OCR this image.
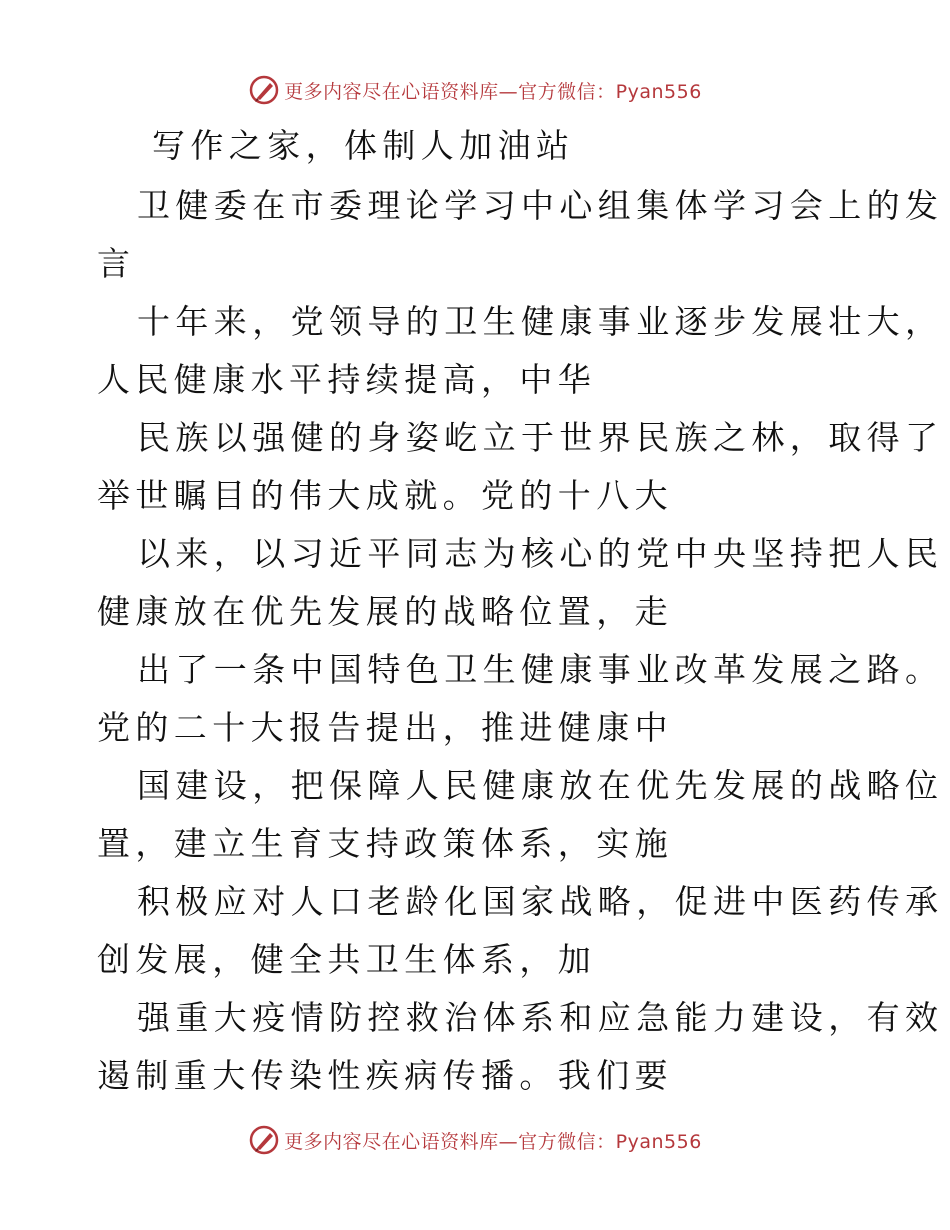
更多内容尽在心语资料库—官方微信：Pyan556
写作之家，体制人加油站
卫健委在市委理论学习中心组集体学习会上的发
言
十年来，党领导的卫生健康事业逐步发展壮大，
人民健康水平持续提高，中华
民族以强健的身姿屹立于世界民族之林，取得了
举世瞩目的伟大成就。党的十八大
以来，以习近平同志为核心的党中央坚持把人民
健康放在优先发展的战略位置，走
出了一条中国特色卫生健康事业改革发展之路。
党的二十大报告提出，推进健康中
国建设，把保障人民健康放在优先发展的战略位
置，建立生育支持政策体系，实施
积极应对人口老龄化国家战略，促进中医药传承
创发展，健全共卫生体系，加
强重大疫情防控救治体系和应急能力建设，有效
遏制重大传染性疾病传播。我们要
更多内容尽在心语资料库—官方微信：Pyan556
